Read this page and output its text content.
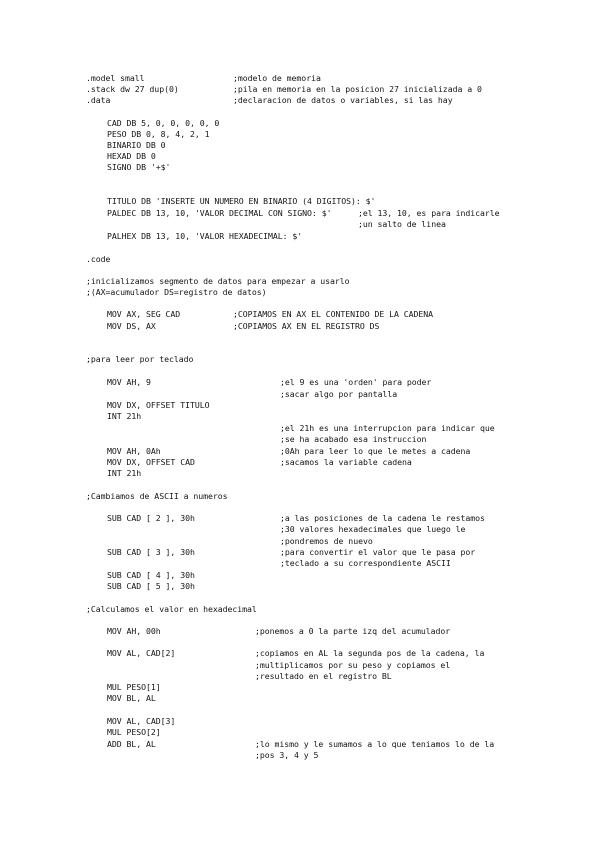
.model small	;modelo de memoria
.stack dw 27 dup(0)	;pila en memoria en la posicion 27 inicializada a 0
.data	;declaracion de datos o variables, si las hay
CAD DB 5, 0, 0, 0, 0, 0
PESO DB 0, 8, 4, 2, 1
BINARIO DB 0
HEXAD DB 0
SIGNO DB '+$'
TITULO DB 'INSERTE UN NUMERO EN BINARIO (4 DIGITOS): $'
PALDEC DB 13, 10, 'VALOR DECIMAL CON SIGNO: $'	;el 13, 10, es para indicarle
;un salto de linea
PALHEX DB 13, 10, 'VALOR HEXADECIMAL: $'
.code
;inicializamos segmento de datos para empezar a usarlo
;(AX=acumulador DS=registro de datos)
MOV AX, SEG CAD	;COPIAMOS EN AX EL CONTENIDO DE LA CADENA
MOV DS, AX	;COPIAMOS AX EN EL REGISTRO DS
;para leer por teclado
MOV AH, 9	;el 9 es una 'orden' para poder
;sacar algo por pantalla
MOV DX, OFFSET TITULO
INT 21h
;el 21h es una interrupcion para indicar que
;se ha acabado esa instruccion
MOV AH, 0Ah	;0Ah para leer lo que le metes a cadena
MOV DX, OFFSET CAD	;sacamos la variable cadena
INT 21h
;Cambiamos de ASCII a numeros
SUB CAD [ 2 ], 30h	;a las posiciones de la cadena le restamos
;30 valores hexadecimales que luego le
;pondremos de nuevo
SUB CAD [ 3 ], 30h	;para convertir el valor que le pasa por
;teclado a su correspondiente ASCII
SUB CAD [ 4 ], 30h
SUB CAD [ 5 ], 30h
;Calculamos el valor en hexadecimal
MOV AH, 00h	;ponemos a 0 la parte izq del acumulador
MOV AL, CAD[2]	;copiamos en AL la segunda pos de la cadena, la
;multiplicamos por su peso y copiamos el
;resultado en el registro BL
MUL PESO[1]
MOV BL, AL
MOV AL, CAD[3]
MUL PESO[2]
ADD BL, AL	;lo mismo y le sumamos a lo que teniamos lo de la
;pos 3, 4 y 5
